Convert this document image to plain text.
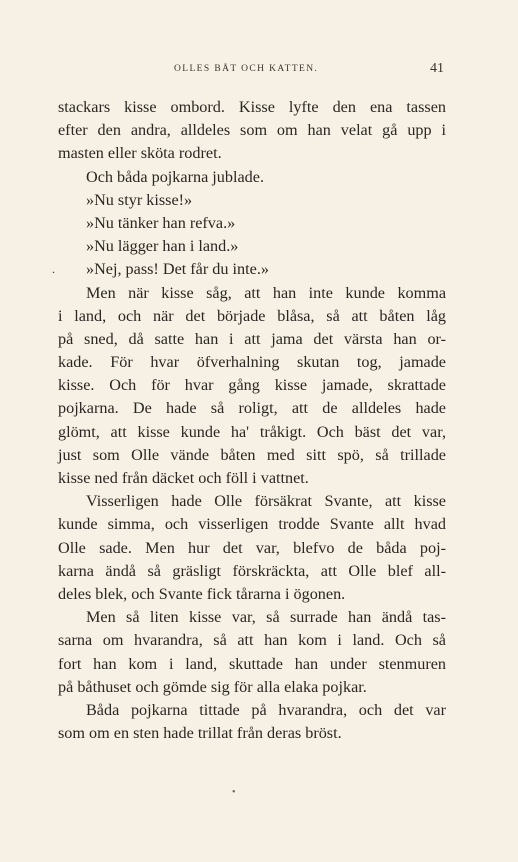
OLLES BÅT OCH KATTEN.	41
stackars kisse ombord. Kisse lyfte den ena tassen
efter den andra, alldeles som om han velat gå upp i
masten eller sköta rodret.
Och båda pojkarna jublade.
»Nu styr kisse!»
»Nu tänker han refva.»
»Nu lägger han i land.»
. »Nej, pass! Det får du inte.»
Men när kisse såg, att han inte kunde komma
i land, och när det började blåsa, så att båten låg
på sned, då satte han i att jama det värsta han or-
kade. För hvar öfverhalning skutan tog, jamade
kisse. Och för hvar gång kisse jamade, skrattade
pojkarna. De hade så roligt, att de alldeles hade
glömt, att kisse kunde ha' tråkigt. Och bäst det var,
just som Olle vände båten med sitt spö, så trillade
kisse ned från däcket och föll i vattnet.
Visserligen hade Olle försäkrat Svante, att kisse
kunde simma, och visserligen trodde Svante allt hvad
Olle sade. Men hur det var, blefvo de båda poj-
karna ändå så gräsligt förskräckta, att Olle blef all-
deles blek, och Svante fick tårarna i ögonen.
Men så liten kisse var, så surrade han ändå tas-
sarna om hvarandra, så att han kom i land. Och så
fort han kom i land, skuttade han under stenmuren
på båthuset och gömde sig för alla elaka pojkar.
Båda pojkarna tittade på hvarandra, och det var
som om en sten hade trillat från deras bröst.
•
